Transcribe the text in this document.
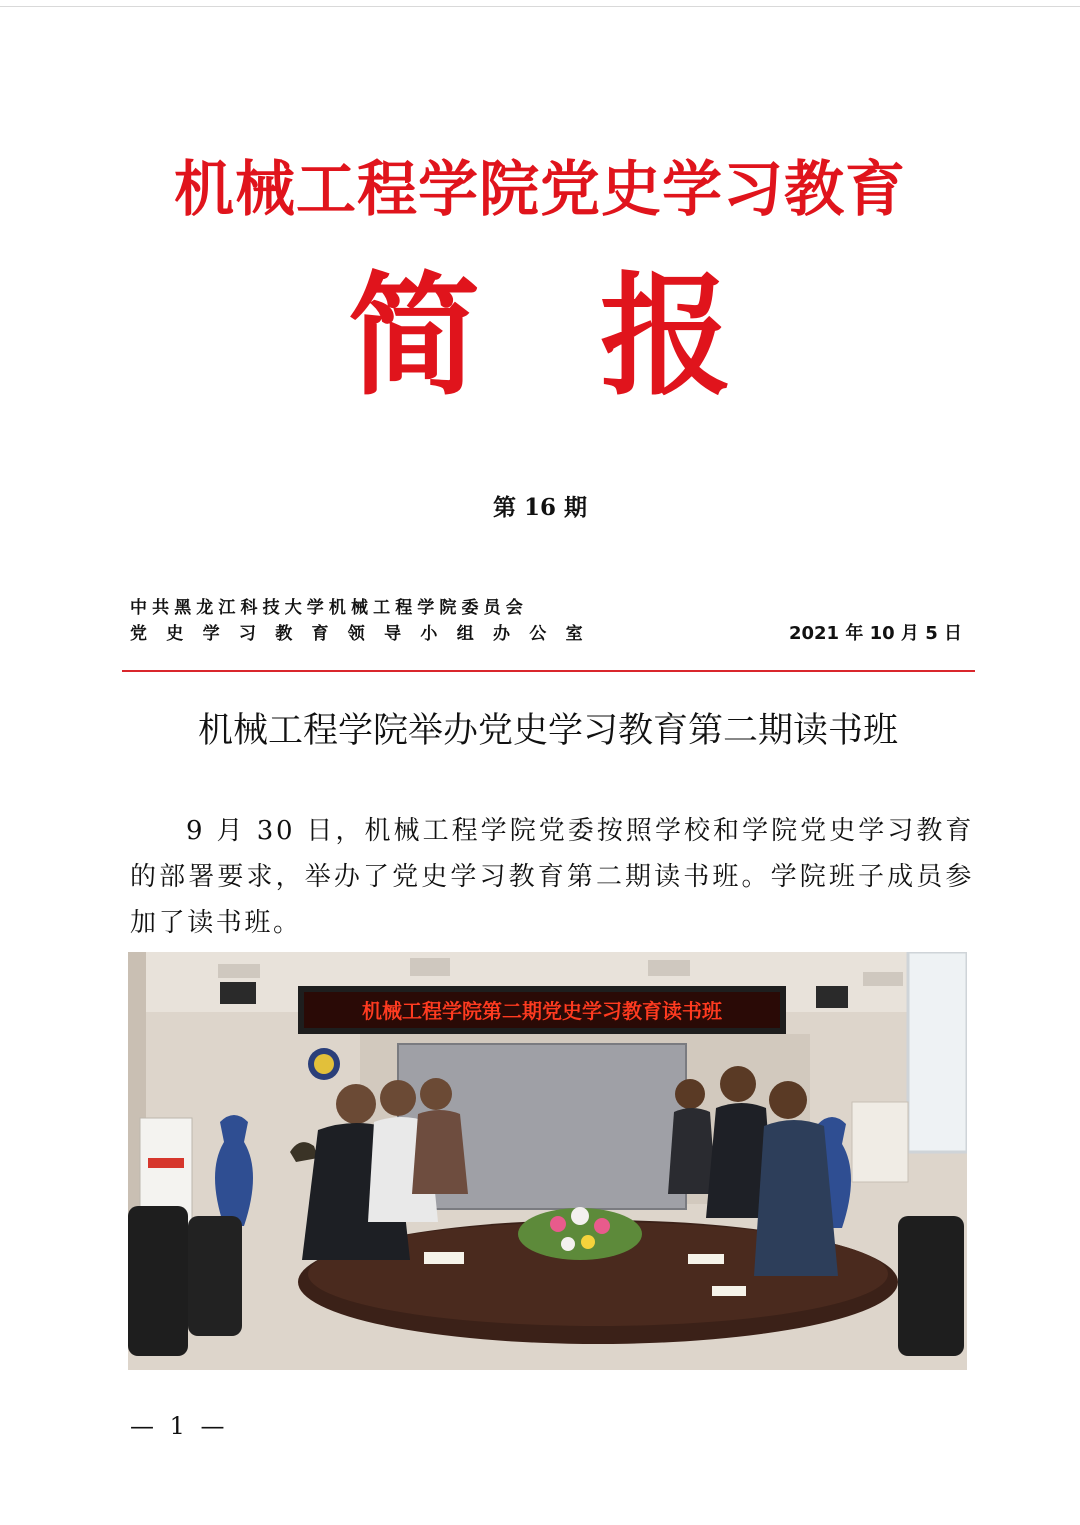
机械工程学院党史学习教育
简 报
第 16 期
中共黑龙江科技大学机械工程学院委员会
党史学习教育领导小组办公室	2021 年 10 月 5 日
机械工程学院举办党史学习教育第二期读书班
9 月 30 日，机械工程学院党委按照学校和学院党史学习教育的部署要求，举办了党史学习教育第二期读书班。学院班子成员参加了读书班。
机械工程学院第二期党史学习教育读书班
— 1 —
